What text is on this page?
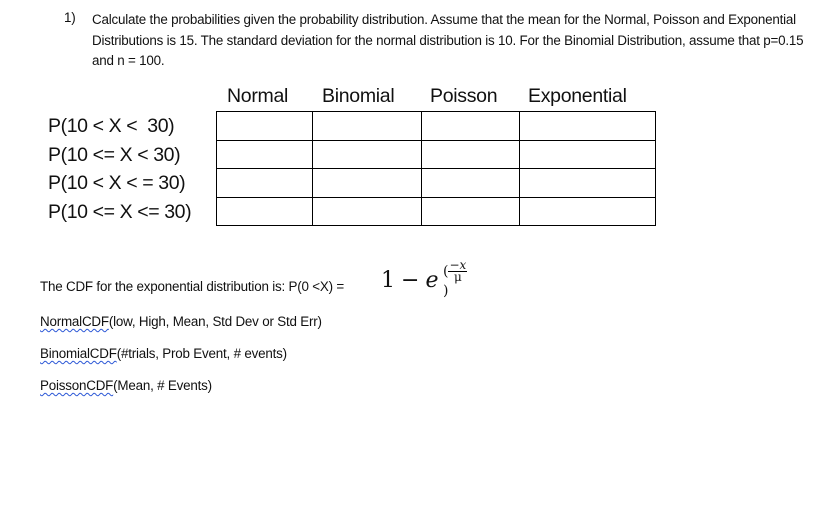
1) Calculate the probabilities given the probability distribution. Assume that the mean for the Normal, Poisson and Exponential Distributions is 15. The standard deviation for the normal distribution is 10. For the Binomial Distribution, assume that p=0.15 and n = 100.
Normal Binomial Poisson Exponential
P(10 < X <  30)
P(10 <= X < 30)
P(10 < X < = 30)
P(10 <= X <= 30)

The CDF for the exponential distribution is: P(0 <X) = 1 − e ( $\frac{-x}{\mu}$
)
NormalCDF(low, High, Mean, Std Dev or Std Err)
BinomialCDF(#trials, Prob Event, # events)
PoissonCDF(Mean, # Events)
